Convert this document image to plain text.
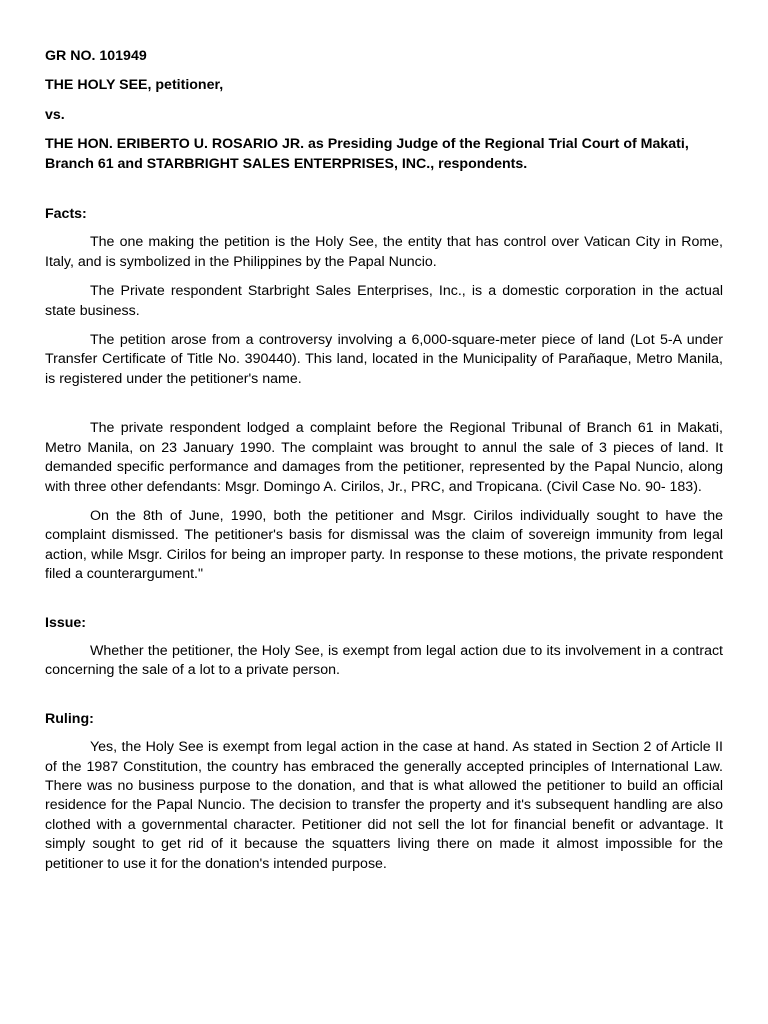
GR NO. 101949

THE HOLY SEE, petitioner,

vs.

THE HON. ERIBERTO U. ROSARIO JR. as Presiding Judge of the Regional Trial Court of Makati, Branch 61 and STARBRIGHT SALES ENTERPRISES, INC., respondents.

Facts:

The one making the petition is the Holy See, the entity that has control over Vatican City in Rome, Italy, and is symbolized in the Philippines by the Papal Nuncio.

The Private respondent Starbright Sales Enterprises, Inc., is a domestic corporation in the actual state business.

The petition arose from a controversy involving a 6,000-square-meter piece of land (Lot 5-A under Transfer Certificate of Title No. 390440). This land, located in the Municipality of Parañaque, Metro Manila, is registered under the petitioner's name.

The private respondent lodged a complaint before the Regional Tribunal of Branch 61 in Makati, Metro Manila, on 23 January 1990. The complaint was brought to annul the sale of 3 pieces of land. It demanded specific performance and damages from the petitioner, represented by the Papal Nuncio, along with three other defendants: Msgr. Domingo A. Cirilos, Jr., PRC, and Tropicana. (Civil Case No. 90- 183).

On the 8th of June, 1990, both the petitioner and Msgr. Cirilos individually sought to have the complaint dismissed. The petitioner's basis for dismissal was the claim of sovereign immunity from legal action, while Msgr. Cirilos for being an improper party. In response to these motions, the private respondent filed a counterargument."

Issue:

Whether the petitioner, the Holy See, is exempt from legal action due to its involvement in a contract concerning the sale of a lot to a private person.

Ruling:

Yes, the Holy See is exempt from legal action in the case at hand. As stated in Section 2 of Article II of the 1987 Constitution, the country has embraced the generally accepted principles of International Law. There was no business purpose to the donation, and that is what allowed the petitioner to build an official residence for the Papal Nuncio. The decision to transfer the property and it's subsequent handling are also clothed with a governmental character. Petitioner did not sell the lot for financial benefit or advantage. It simply sought to get rid of it because the squatters living there on made it almost impossible for the petitioner to use it for the donation's intended purpose.
